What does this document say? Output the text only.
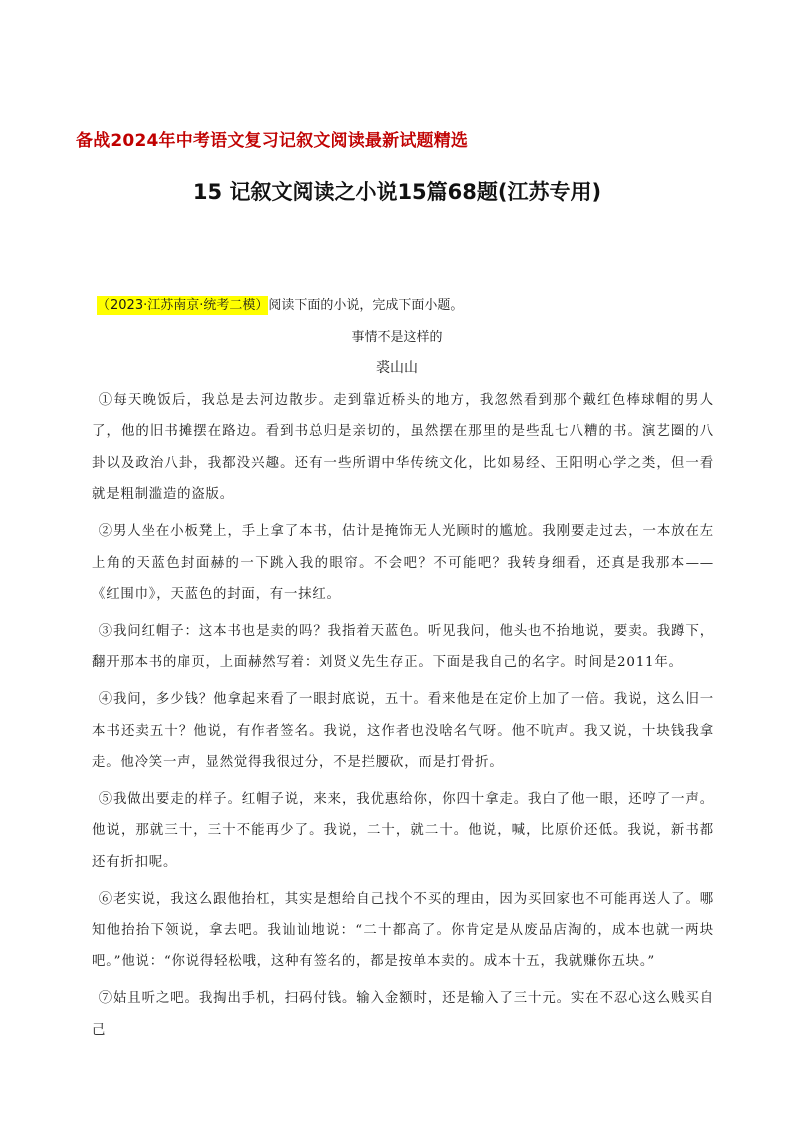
备战2024年中考语文复习记叙文阅读最新试题精选
15 记叙文阅读之小说15篇68题(江苏专用)
（2023·江苏南京·统考二模）阅读下面的小说，完成下面小题。
事情不是这样的
裘山山

①每天晚饭后，我总是去河边散步。走到靠近桥头的地方，我忽然看到那个戴红色棒球帽的男人了，他的旧书摊摆在路边。看到书总归是亲切的，虽然摆在那里的是些乱七八糟的书。演艺圈的八卦以及政治八卦，我都没兴趣。还有一些所谓中华传统文化，比如易经、王阳明心学之类，但一看就是粗制滥造的盗版。

②男人坐在小板凳上，手上拿了本书，估计是掩饰无人光顾时的尴尬。我刚要走过去，一本放在左上角的天蓝色封面赫的一下跳入我的眼帘。不会吧？不可能吧？我转身细看，还真是我那本——《红围巾》，天蓝色的封面，有一抹红。

③我问红帽子：这本书也是卖的吗？我指着天蓝色。听见我问，他头也不抬地说，要卖。我蹲下，翻开那本书的扉页，上面赫然写着：刘贤义先生存正。下面是我自己的名字。时间是2011年。

④我问，多少钱？他拿起来看了一眼封底说，五十。看来他是在定价上加了一倍。我说，这么旧一本书还卖五十？他说，有作者签名。我说，这作者也没啥名气呀。他不吭声。我又说，十块钱我拿走。他冷笑一声，显然觉得我很过分，不是拦腰砍，而是打骨折。

⑤我做出要走的样子。红帽子说，来来，我优惠给你，你四十拿走。我白了他一眼，还哼了一声。他说，那就三十，三十不能再少了。我说，二十，就二十。他说，喊，比原价还低。我说，新书都还有折扣呢。

⑥老实说，我这么跟他抬杠，其实是想给自己找个不买的理由，因为买回家也不可能再送人了。哪知他抬抬下领说，拿去吧。我讪讪地说：“二十都高了。你肯定是从废品店淘的，成本也就一两块吧。”他说：“你说得轻松哦，这种有签名的，都是按单本卖的。成本十五，我就赚你五块。”

⑦姑且听之吧。我掏出手机，扫码付钱。输入金额时，还是输入了三十元。实在不忍心这么贱买自己
